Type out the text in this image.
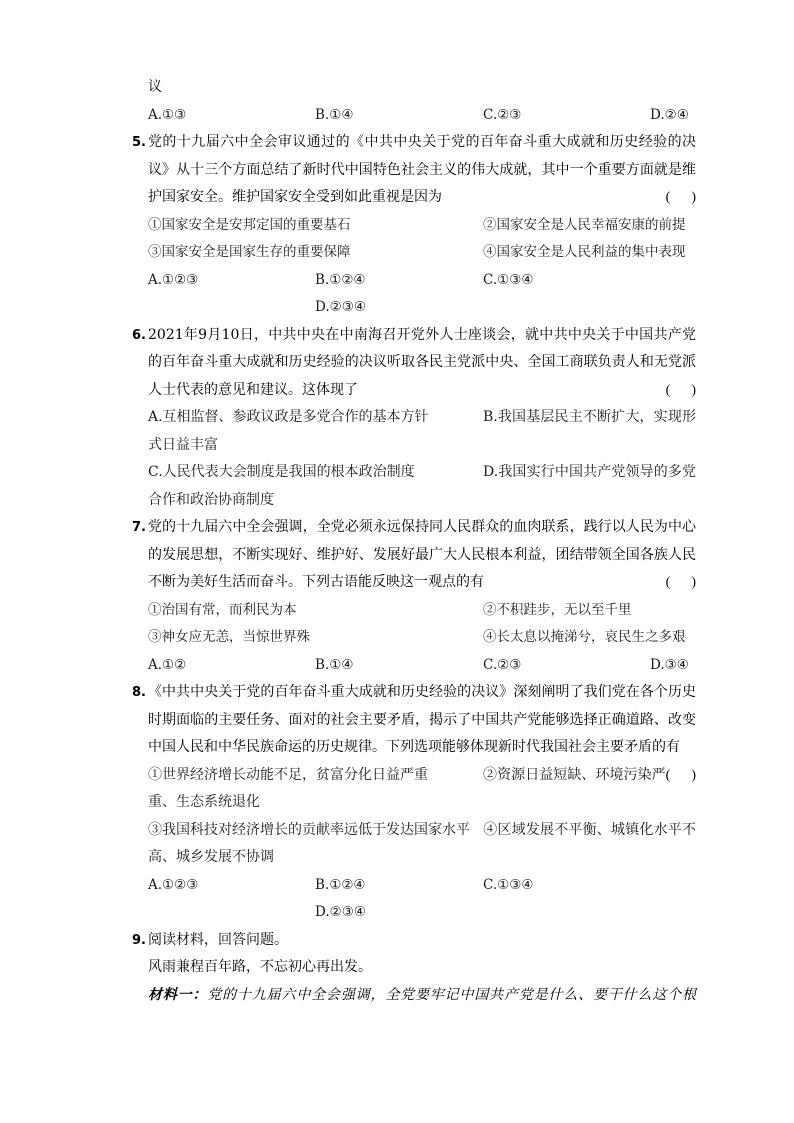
议

A.①③	B.①④	C.②③	D.②④

5. 党的十九届六中全会审议通过的《中共中央关于党的百年奋斗重大成就和历史经验的决议》从十三个方面总结了新时代中国特色社会主义的伟大成就，其中一个重要方面就是维护国家安全。维护国家安全受到如此重视是因为	(      )

①国家安全是安邦定国的重要基石	②国家安全是人民幸福安康的前提
③国家安全是国家生存的重要保障	④国家安全是人民利益的集中表现
A.①②③	B.①②④	C.①③④
D.②③④

6. 2021年9月10日，中共中央在中南海召开党外人士座谈会，就中共中央关于中国共产党的百年奋斗重大成就和历史经验的决议听取各民主党派中央、全国工商联负责人和无党派人士代表的意见和建议。这体现了	(      )

A.互相监督、参政议政是多党合作的基本方针	B.我国基层民主不断扩大，实现形式日益丰富

C.人民代表大会制度是我国的根本政治制度	D.我国实行中国共产党领导的多党合作和政治协商制度

7. 党的十九届六中全会强调，全党必须永远保持同人民群众的血肉联系，践行以人民为中心的发展思想，不断实现好、维护好、发展好最广大人民根本利益，团结带领全国各族人民不断为美好生活而奋斗。下列古语能反映这一观点的有	(      )

①治国有常，而利民为本	②不积跬步，无以至千里
③神女应无恙，当惊世界殊	④长太息以掩涕兮，哀民生之多艰
A.①②	B.①④	C.②③	D.③④

8. 《中共中央关于党的百年奋斗重大成就和历史经验的决议》深刻阐明了我们党在各个历史时期面临的主要任务、面对的社会主要矛盾，揭示了中国共产党能够选择正确道路、改变中国人民和中华民族命运的历史规律。下列选项能够体现新时代我国社会主要矛盾的有
(      )

①世界经济增长动能不足，贫富分化日益严重	②资源日益短缺、环境污染严重、生态系统退化

③我国科技对经济增长的贡献率远低于发达国家水平 ④区域发展不平衡、城镇化水平不高、城乡发展不协调

A.①②③	B.①②④	C.①③④
D.②③④

9. 阅读材料，回答问题。

风雨兼程百年路，不忘初心再出发。

材料一：党的十九届六中全会强调，全党要牢记中国共产党是什么、要干什么这个根
